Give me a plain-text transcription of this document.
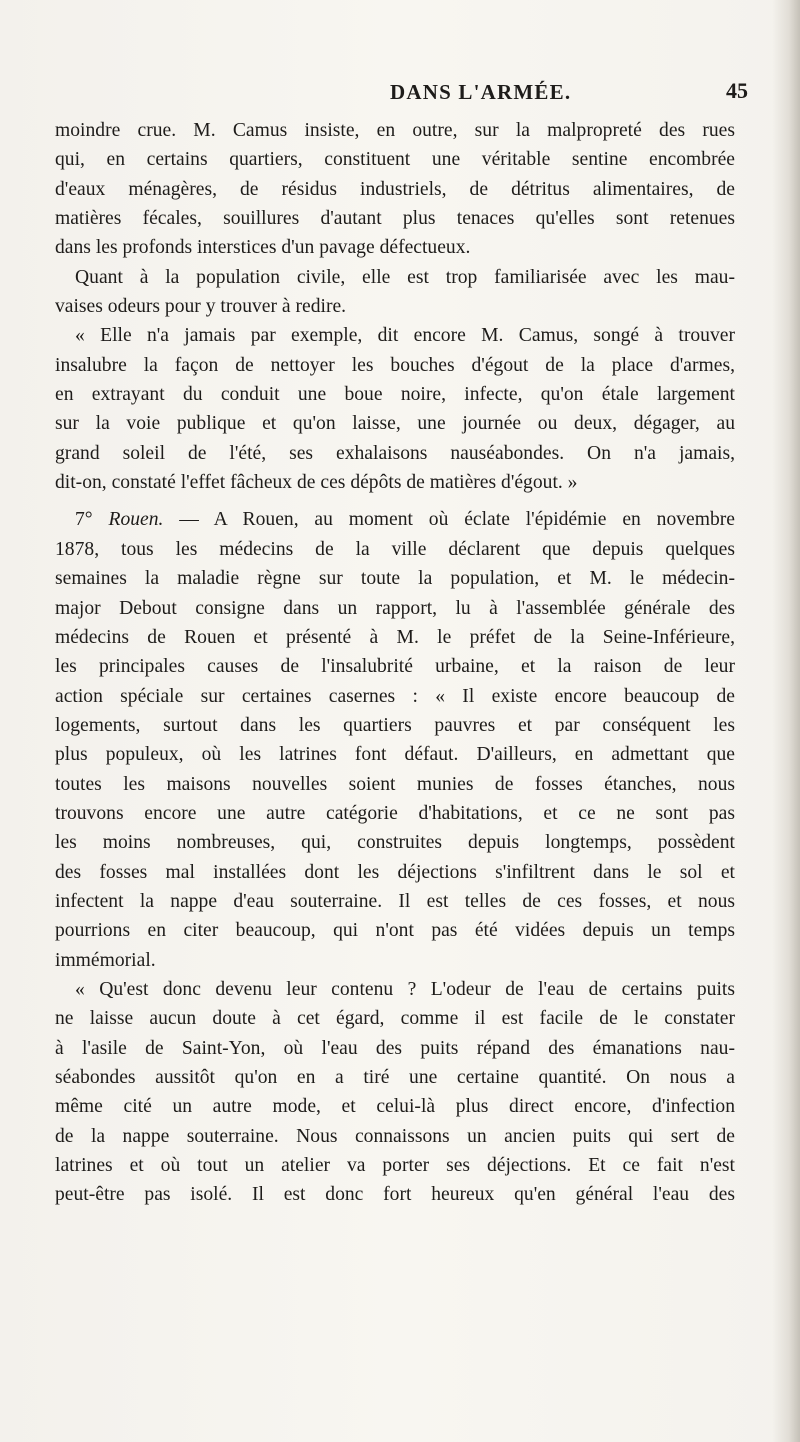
DANS L'ARMÉE.	45
moindre crue. M. Camus insiste, en outre, sur la malpropreté des rues
qui, en certains quartiers, constituent une véritable sentine encombrée
d'eaux ménagères, de résidus industriels, de détritus alimentaires, de
matières fécales, souillures d'autant plus tenaces qu'elles sont retenues
dans les profonds interstices d'un pavage défectueux.
Quant à la population civile, elle est trop familiarisée avec les mau-
vaises odeurs pour y trouver à redire.
« Elle n'a jamais par exemple, dit encore M. Camus, songé à trouver
insalubre la façon de nettoyer les bouches d'égout de la place d'armes,
en extrayant du conduit une boue noire, infecte, qu'on étale largement
sur la voie publique et qu'on laisse, une journée ou deux, dégager, au
grand soleil de l'été, ses exhalaisons nauséabondes. On n'a jamais,
dit-on, constaté l'effet fâcheux de ces dépôts de matières d'égout. »
7° Rouen. — A Rouen, au moment où éclate l'épidémie en novembre
1878, tous les médecins de la ville déclarent que depuis quelques
semaines la maladie règne sur toute la population, et M. le médecin-
major Debout consigne dans un rapport, lu à l'assemblée générale des
médecins de Rouen et présenté à M. le préfet de la Seine-Inférieure,
les principales causes de l'insalubrité urbaine, et la raison de leur
action spéciale sur certaines casernes : « Il existe encore beaucoup de
logements, surtout dans les quartiers pauvres et par conséquent les
plus populeux, où les latrines font défaut. D'ailleurs, en admettant que
toutes les maisons nouvelles soient munies de fosses étanches, nous
trouvons encore une autre catégorie d'habitations, et ce ne sont pas
les moins nombreuses, qui, construites depuis longtemps, possèdent
des fosses mal installées dont les déjections s'infiltrent dans le sol et
infectent la nappe d'eau souterraine. Il est telles de ces fosses, et nous
pourrions en citer beaucoup, qui n'ont pas été vidées depuis un temps
immémorial.
« Qu'est donc devenu leur contenu ? L'odeur de l'eau de certains puits
ne laisse aucun doute à cet égard, comme il est facile de le constater
à l'asile de Saint-Yon, où l'eau des puits répand des émanations nau-
séabondes aussitôt qu'on en a tiré une certaine quantité. On nous a
même cité un autre mode, et celui-là plus direct encore, d'infection
de la nappe souterraine. Nous connaissons un ancien puits qui sert de
latrines et où tout un atelier va porter ses déjections. Et ce fait n'est
peut-être pas isolé. Il est donc fort heureux qu'en général l'eau des
